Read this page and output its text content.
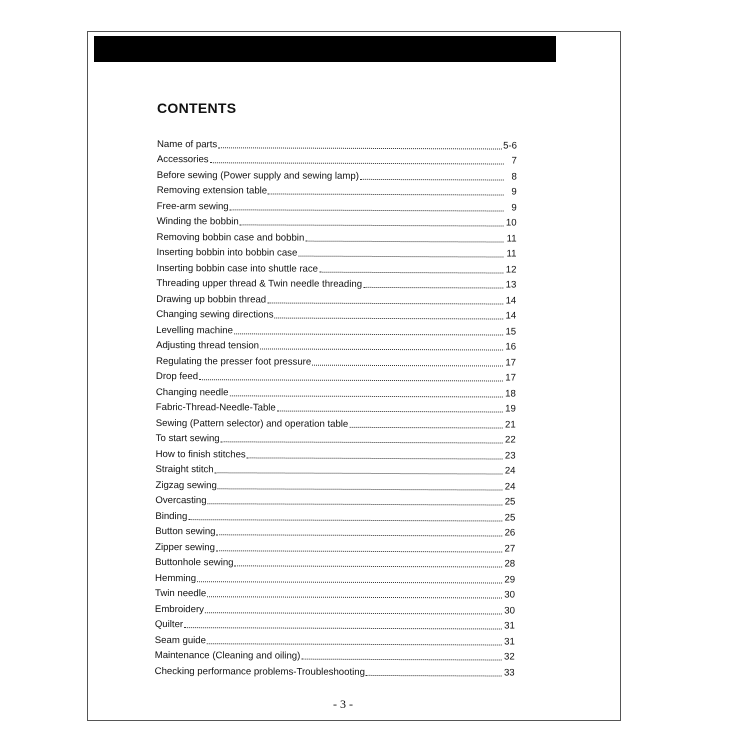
CONTENTS
Name of parts	5-6
Accessories	7
Before sewing (Power supply and sewing lamp)	8
Removing extension table	9
Free-arm sewing	9
Winding the bobbin	10
Removing bobbin case and bobbin	11
Inserting bobbin into bobbin case	11
Inserting bobbin case into shuttle race	12
Threading upper thread & Twin needle threading	13
Drawing up bobbin thread	14
Changing sewing directions	14
Levelling machine	15
Adjusting thread tension	16
Regulating the presser foot pressure	17
Drop feed	17
Changing needle	18
Fabric-Thread-Needle-Table	19
Sewing (Pattern selector) and operation table	21
To start sewing	22
How to finish stitches	23
Straight stitch	24
Zigzag sewing	24
Overcasting	25
Binding	25
Button sewing	26
Zipper sewing	27
Buttonhole sewing	28
Hemming	29
Twin needle	30
Embroidery	30
Quilter	31
Seam guide	31
Maintenance (Cleaning and oiling)	32
Checking performance problems-Troubleshooting	33
- 3 -
